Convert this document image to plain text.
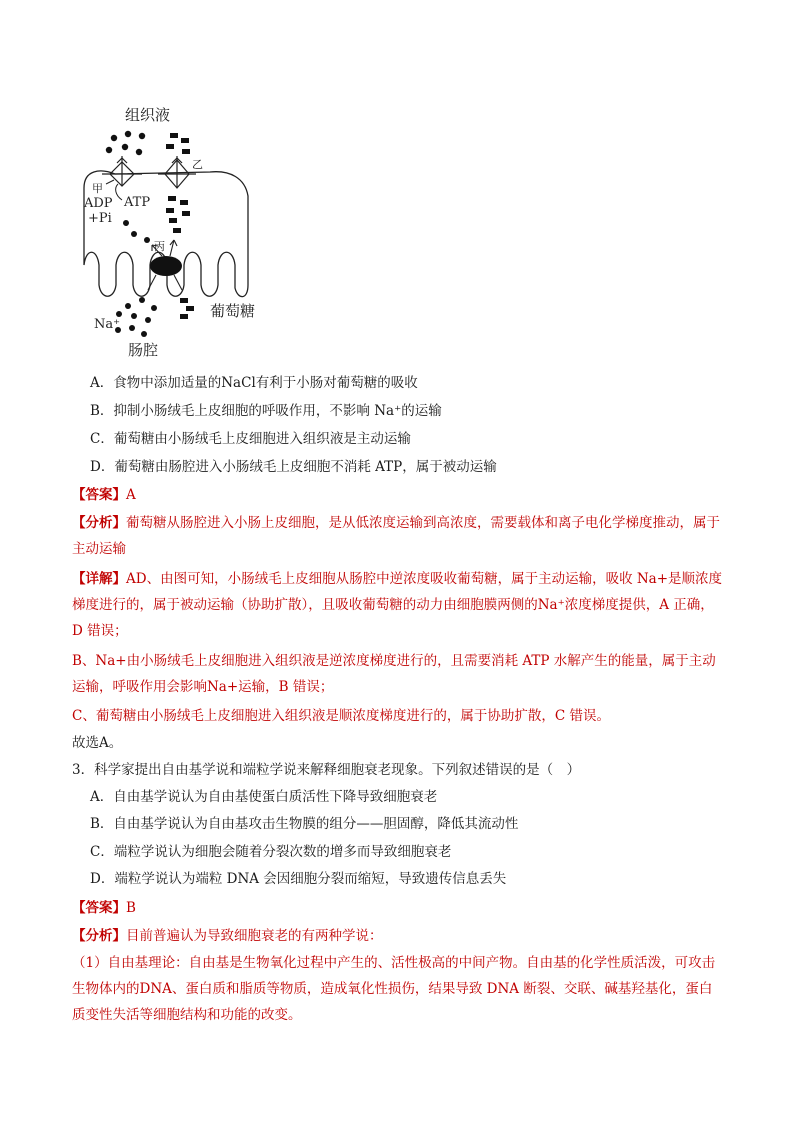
组织液
甲
乙
ADP
+Pi
ATP
丙
葡萄糖
Na⁺
肠腔
A．食物中添加适量的NaCl有利于小肠对葡萄糖的吸收
B．抑制小肠绒毛上皮细胞的呼吸作用，不影响 Na⁺的运输
C．葡萄糖由小肠绒毛上皮细胞进入组织液是主动运输
D．葡萄糖由肠腔进入小肠绒毛上皮细胞不消耗 ATP，属于被动运输
【答案】A
【分析】葡萄糖从肠腔进入小肠上皮细胞，是从低浓度运输到高浓度，需要载体和离子电化学梯度推动，属于主动运输
【详解】AD、由图可知，小肠绒毛上皮细胞从肠腔中逆浓度吸收葡萄糖，属于主动运输，吸收 Na+是顺浓度梯度进行的，属于被动运输（协助扩散），且吸收葡萄糖的动力由细胞膜两侧的Na⁺浓度梯度提供，A 正确，D 错误；
B、Na+由小肠绒毛上皮细胞进入组织液是逆浓度梯度进行的，且需要消耗 ATP 水解产生的能量，属于主动运输，呼吸作用会影响Na+运输，B 错误；
C、葡萄糖由小肠绒毛上皮细胞进入组织液是顺浓度梯度进行的，属于协助扩散，C 错误。
故选A。
3．科学家提出自由基学说和端粒学说来解释细胞衰老现象。下列叙述错误的是（　）
A．自由基学说认为自由基使蛋白质活性下降导致细胞衰老
B．自由基学说认为自由基攻击生物膜的组分——胆固醇，降低其流动性
C．端粒学说认为细胞会随着分裂次数的增多而导致细胞衰老
D．端粒学说认为端粒 DNA 会因细胞分裂而缩短，导致遗传信息丢失
【答案】B
【分析】目前普遍认为导致细胞衰老的有两种学说：
（1）自由基理论：自由基是生物氧化过程中产生的、活性极高的中间产物。自由基的化学性质活泼，可攻击生物体内的DNA、蛋白质和脂质等物质，造成氧化性损伤，结果导致 DNA 断裂、交联、碱基羟基化，蛋白质变性失活等细胞结构和功能的改变。
